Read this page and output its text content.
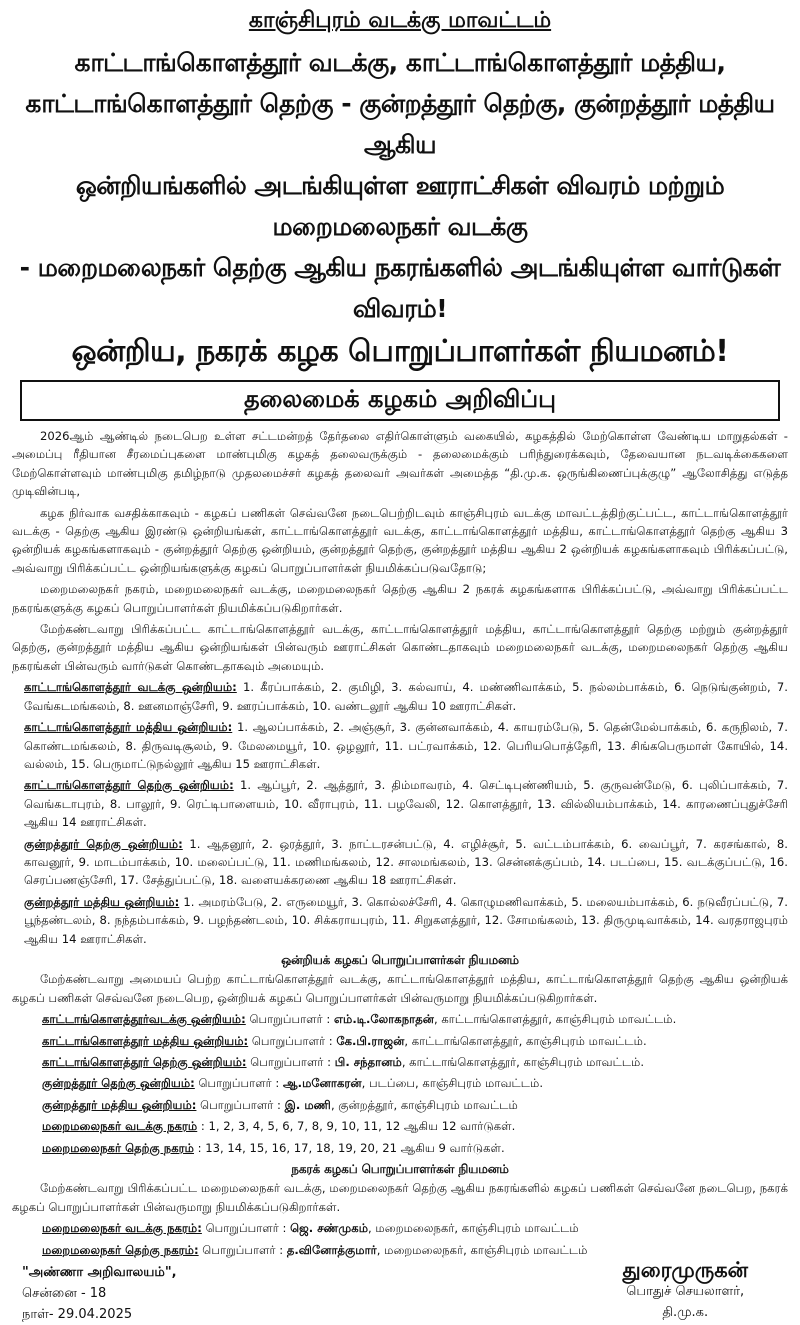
காஞ்சிபுரம் வடக்கு மாவட்டம்
காட்டாங்கொளத்தூர் வடக்கு, காட்டாங்கொளத்தூர் மத்திய,
காட்டாங்கொளத்தூர் தெற்கு - குன்றத்தூர் தெற்கு, குன்றத்தூர் மத்திய ஆகிய
ஒன்றியங்களில் அடங்கியுள்ள ஊராட்சிகள் விவரம் மற்றும் மறைமலைநகர் வடக்கு
- மறைமலைநகர் தெற்கு ஆகிய நகரங்களில் அடங்கியுள்ள வார்டுகள் விவரம்!
ஒன்றிய, நகரக் கழக பொறுப்பாளர்கள் நியமனம்!
தலைமைக் கழகம் அறிவிப்பு

2026ஆம் ஆண்டில் நடைபெற உள்ள சட்டமன்றத் தேர்தலை எதிர்கொள்ளும் வகையில், கழகத்தில் மேற்கொள்ள வேண்டிய மாறுதல்கள் - அமைப்பு ரீதியான சீரமைப்புகளை மாண்புமிகு கழகத் தலைவருக்கும் - தலைமைக்கும் பரிந்துரைக்கவும், தேவையான நடவடிக்கைகளை மேற்கொள்ளவும் மாண்புமிகு தமிழ்நாடு முதலமைச்சர் கழகத் தலைவர் அவர்கள் அமைத்த “தி.மு.க. ஒருங்கிணைப்புக்குழு” ஆலோசித்து எடுத்த முடிவின்படி,

கழக நிர்வாக வசதிக்காகவும் - கழகப் பணிகள் செவ்வனே நடைபெற்றிடவும் காஞ்சிபுரம் வடக்கு மாவட்டத்திற்குட்பட்ட, காட்டாங்கொளத்தூர் வடக்கு - தெற்கு ஆகிய இரண்டு ஒன்றியங்கள், காட்டாங்கொளத்தூர் வடக்கு, காட்டாங்கொளத்தூர் மத்திய, காட்டாங்கொளத்தூர் தெற்கு ஆகிய 3 ஒன்றியக் கழகங்களாகவும் - குன்றத்தூர் தெற்கு ஒன்றியம், குன்றத்தூர் தெற்கு, குன்றத்தூர் மத்திய ஆகிய 2 ஒன்றியக் கழகங்களாகவும் பிரிக்கப்பட்டு, அவ்வாறு பிரிக்கப்பட்ட ஒன்றியங்களுக்கு கழகப் பொறுப்பாளர்கள் நியமிக்கப்படுவதோடு;

மறைமலைநகர் நகரம், மறைமலைநகர் வடக்கு, மறைமலைநகர் தெற்கு ஆகிய 2 நகரக் கழகங்களாக பிரிக்கப்பட்டு, அவ்வாறு பிரிக்கப்பட்ட நகரங்களுக்கு கழகப் பொறுப்பாளர்கள் நியமிக்கப்படுகிறார்கள்.

மேற்கண்டவாறு பிரிக்கப்பட்ட காட்டாங்கொளத்தூர் வடக்கு, காட்டாங்கொளத்தூர் மத்திய, காட்டாங்கொளத்தூர் தெற்கு மற்றும் குன்றத்தூர் தெற்கு, குன்றத்தூர் மத்திய ஆகிய ஒன்றியங்கள் பின்வரும் ஊராட்சிகள் கொண்டதாகவும் மறைமலைநகர் வடக்கு, மறைமலைநகர் தெற்கு ஆகிய நகரங்கள் பின்வரும் வார்டுகள் கொண்டதாகவும் அமையும்.

காட்டாங்கொளத்தூர் வடக்கு ஒன்றியம்: 1. கீரப்பாக்கம், 2. குமிழி, 3. கல்வாய், 4. மண்ணிவாக்கம், 5. நல்லம்பாக்கம், 6. நெடுங்குன்றம், 7. வேங்கடமங்கலம், 8. ஊனமாஞ்சேரி, 9. ஊரப்பாக்கம், 10. வண்டலூர் ஆகிய 10 ஊராட்சிகள்.

காட்டாங்கொளத்தூர் மத்திய ஒன்றியம்: 1. ஆலப்பாக்கம், 2. அஞ்சூர், 3. குன்னவாக்கம், 4. காயரம்பேடு, 5. தென்மேல்பாக்கம், 6. கருநிலம், 7. கொண்டமங்கலம், 8. திருவடிசூலம், 9. மேலமையூர், 10. ஒழலூர், 11. பட்ரவாக்கம், 12. பெரியபொத்தேரி, 13. சிங்கபெருமாள் கோயில், 14. வல்லம், 15. பெருமாட்டுநல்லூர் ஆகிய 15 ஊராட்சிகள்.

காட்டாங்கொளத்தூர் தெற்கு ஒன்றியம்: 1. ஆப்பூர், 2. ஆத்தூர், 3. திம்மாவரம், 4. செட்டிபுண்ணியம், 5. குருவன்மேடு, 6. புலிப்பாக்கம், 7. வெங்கடாபுரம், 8. பாலூர், 9. ரெட்டிபாளையம், 10. வீராபுரம், 11. பழவேலி, 12. கொளத்தூர், 13. வில்லியம்பாக்கம், 14. காரணைப்புதுச்சேரி ஆகிய 14 ஊராட்சிகள்.

குன்றத்தூர் தெற்கு ஒன்றியம்: 1. ஆதனூர், 2. ஒரத்தூர், 3. நாட்டரசன்பட்டு, 4. எழிச்சூர், 5. வட்டம்பாக்கம், 6. வைப்பூர், 7. கரசங்கால், 8. காவனூர், 9. மாடம்பாக்கம், 10. மலைப்பட்டு, 11. மணிமங்கலம், 12. சாலமங்கலம், 13. சென்னக்குப்பம், 14. படப்பை, 15. வடக்குப்பட்டு, 16. செரப்பணஞ்சேரி, 17. சேத்துப்பட்டு, 18. வளையக்கரணை ஆகிய 18 ஊராட்சிகள்.

குன்றத்தூர் மத்திய ஒன்றியம்: 1. அமரம்பேடு, 2. எருமையூர், 3. கொல்லச்சேரி, 4. கொழுமணிவாக்கம், 5. மலையம்பாக்கம், 6. நடுவீரப்பட்டு, 7. பூந்தண்டலம், 8. நந்தம்பாக்கம், 9. பழந்தண்டலம், 10. சிக்கராயபுரம், 11. சிறுகளத்தூர், 12. சோமங்கலம், 13. திருமுடிவாக்கம், 14. வரதராஜபுரம் ஆகிய 14 ஊராட்சிகள்.

ஒன்றியக் கழகப் பொறுப்பாளர்கள் நியமனம்

மேற்கண்டவாறு அமையப் பெற்ற காட்டாங்கொளத்தூர் வடக்கு, காட்டாங்கொளத்தூர் மத்திய, காட்டாங்கொளத்தூர் தெற்கு ஆகிய ஒன்றியக் கழகப் பணிகள் செவ்வனே நடைபெற, ஒன்றியக் கழகப் பொறுப்பாளர்கள் பின்வருமாறு நியமிக்கப்படுகிறார்கள்.

காட்டாங்கொளத்தூர்வடக்கு ஒன்றியம்: பொறுப்பாளர் : எம்.டி.லோகநாதன், காட்டாங்கொளத்தூர், காஞ்சிபுரம் மாவட்டம்.

காட்டாங்கொளத்தூர் மத்திய ஒன்றியம்: பொறுப்பாளர் : கே.பி.ராஜன், காட்டாங்கொளத்தூர், காஞ்சிபுரம் மாவட்டம்.

காட்டாங்கொளத்தூர் தெற்கு ஒன்றியம்: பொறுப்பாளர் : பி. சந்தானம், காட்டாங்கொளத்தூர், காஞ்சிபுரம் மாவட்டம்.

குன்றத்தூர் தெற்கு ஒன்றியம்: பொறுப்பாளர் : ஆ.மனோகரன், படப்பை, காஞ்சிபுரம் மாவட்டம்.

குன்றத்தூர் மத்திய ஒன்றியம்: பொறுப்பாளர் : இ. மணி, குன்றத்தூர், காஞ்சிபுரம் மாவட்டம்

மறைமலைநகர் வடக்கு நகரம் : 1, 2, 3, 4, 5, 6, 7, 8, 9, 10, 11, 12 ஆகிய 12 வார்டுகள்.

மறைமலைநகர் தெற்கு நகரம் : 13, 14, 15, 16, 17, 18, 19, 20, 21 ஆகிய 9 வார்டுகள்.

நகரக் கழகப் பொறுப்பாளர்கள் நியமனம்

மேற்கண்டவாறு பிரிக்கப்பட்ட மறைமலைநகர் வடக்கு, மறைமலைநகர் தெற்கு ஆகிய நகரங்களில் கழகப் பணிகள் செவ்வனே நடைபெற, நகரக் கழகப் பொறுப்பாளர்கள் பின்வருமாறு நியமிக்கப்படுகிறார்கள்.

மறைமலைநகர் வடக்கு நகரம்: பொறுப்பாளர் : ஜெ. சண்முகம், மறைமலைநகர், காஞ்சிபுரம் மாவட்டம்

மறைமலைநகர் தெற்கு நகரம்: பொறுப்பாளர் : த.வினோத்குமார், மறைமலைநகர், காஞ்சிபுரம் மாவட்டம்

"அண்ணா அறிவாலயம்",
சென்னை - 18
நாள்- 29.04.2025
துரைமுருகன்
பொதுச் செயலாளர்,
தி.மு.க.
